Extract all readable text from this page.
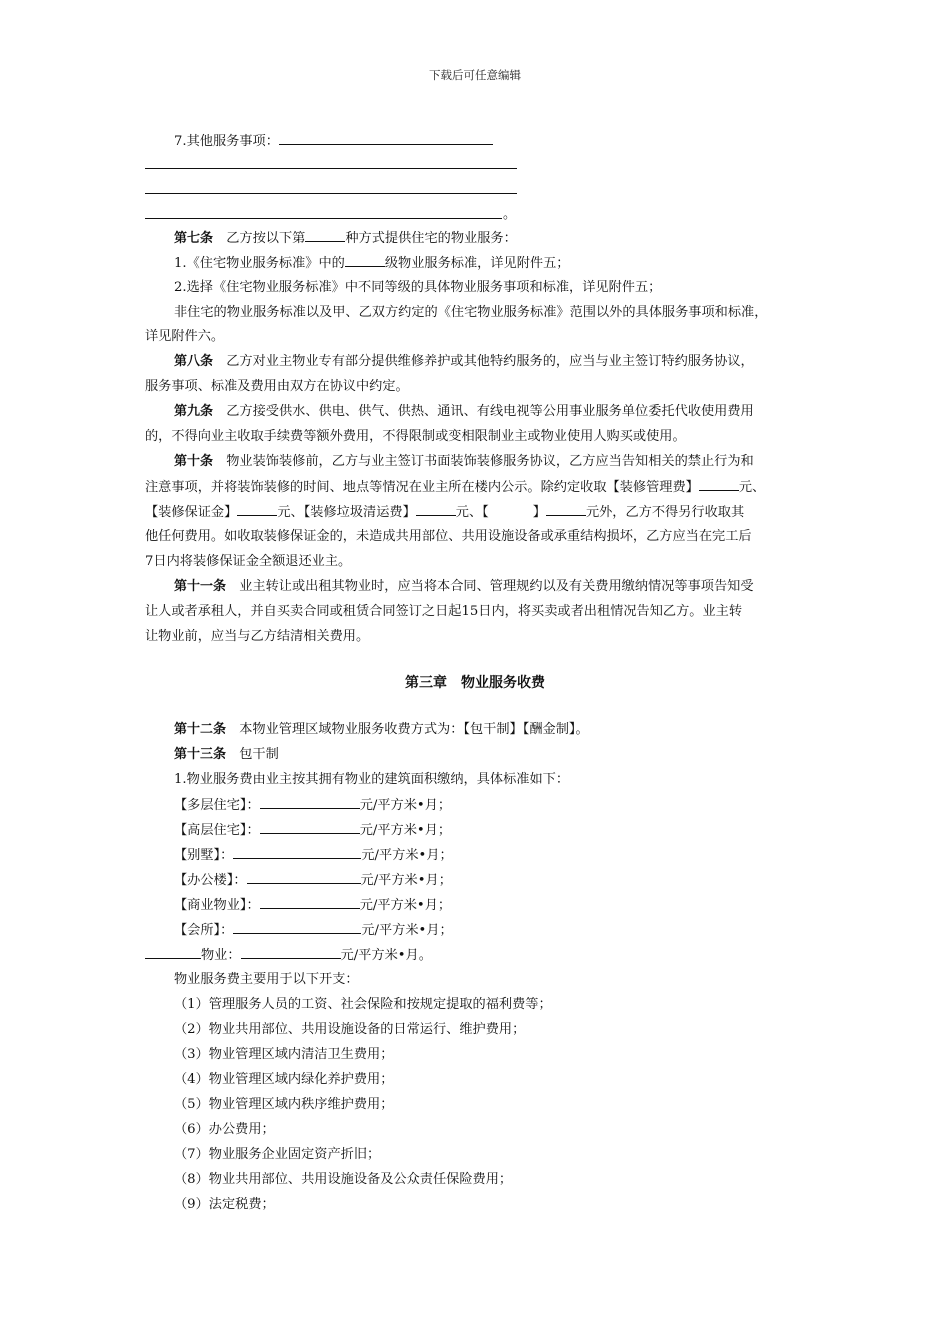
下载后可任意编辑
7.其他服务事项：
。
第七条　 乙方按以下第	种方式提供住宅的物业服务：
1.《住宅物业服务标准》中的	级物业服务标准，详见附件五；
2.选择《住宅物业服务标准》中不同等级的具体物业服务事项和标准，详见附件五；
非住宅的物业服务标准以及甲、乙双方约定的《住宅物业服务标准》范围以外的具体服务事项和标准，
详见附件六。
第八条　 乙方对业主物业专有部分提供维修养护或其他特约服务的，应当与业主签订特约服务协议，
服务事项、标准及费用由双方在协议中约定。
第九条　 乙方接受供水、供电、供气、供热、通讯、有线电视等公用事业服务单位委托代收使用费用
的，不得向业主收取手续费等额外费用，不得限制或变相限制业主或物业使用人购买或使用。
第十条　 物业装饰装修前，乙方与业主签订书面装饰装修服务协议，乙方应当告知相关的禁止行为和
注意事项，并将装饰装修的时间、地点等情况在业主所在楼内公示。除约定收取【装修管理费】	元、
【装修保证金】	元、【装修垃圾清运费】	元、【	】	元外，乙方不得另行收取其
他任何费用。如收取装修保证金的，未造成共用部位、共用设施设备或承重结构损坏，乙方应当在完工后
7日内将装修保证金全额退还业主。
第十一条　 业主转让或出租其物业时，应当将本合同、管理规约以及有关费用缴纳情况等事项告知受
让人或者承租人，并自买卖合同或租赁合同签订之日起15日内，将买卖或者出租情况告知乙方。业主转
让物业前，应当与乙方结清相关费用。
第三章　物业服务收费
第十二条　 本物业管理区域物业服务收费方式为：【包干制】【酬金制】。
第十三条　 包干制
1.物业服务费由业主按其拥有物业的建筑面积缴纳，具体标准如下：
【多层住宅】：	元/平方米•月；
【高层住宅】：	元/平方米•月；
【别墅】：	元/平方米•月；
【办公楼】：	元/平方米•月；
【商业物业】：	元/平方米•月；
【会所】：	元/平方米•月；
物业：	元/平方米•月。
物业服务费主要用于以下开支：
（1）管理服务人员的工资、社会保险和按规定提取的福利费等；
（2）物业共用部位、共用设施设备的日常运行、维护费用；
（3）物业管理区域内清洁卫生费用；
（4）物业管理区域内绿化养护费用；
（5）物业管理区域内秩序维护费用；
（6）办公费用；
（7）物业服务企业固定资产折旧；
（8）物业共用部位、共用设施设备及公众责任保险费用；
（9）法定税费；
